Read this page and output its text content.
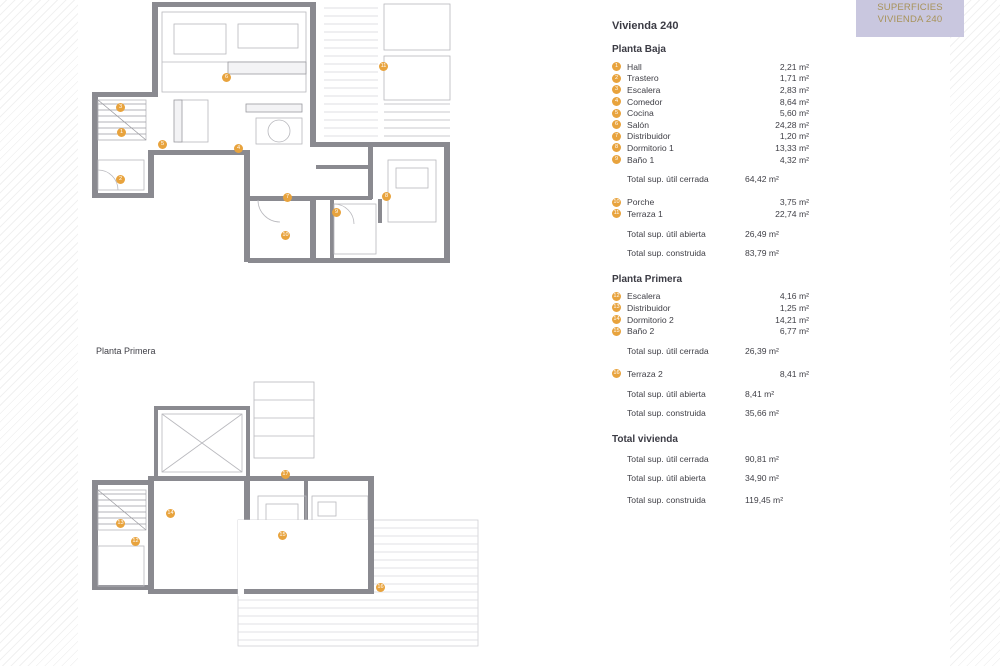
Planta Primera
1
2
3
4
5
6
7	8
9
10
11
12
13
14
15
16
17
SUPERFICIES
VIVIENDA 240
Vivienda 240
Planta Baja
1	Hall	2,21 m²
2	Trastero	1,71 m²
3	Escalera	2,83 m²
4	Comedor	8,64 m²
5	Cocina	5,60 m²
6	Salón	24,28 m²
7	Distribuidor	1,20 m²
8	Dormitorio 1	13,33 m²
9	Baño 1	4,32 m²
Total sup. útil cerrada	64,42 m²
10 Porche	3,75 m²
11 Terraza 1	22,74 m²
Total sup. útil abierta	26,49 m²
Total sup. construida	83,79 m²
Planta Primera
12 Escalera	4,16 m²
13 Distribuidor	1,25 m²
14 Dormitorio 2	14,21 m²
15 Baño 2	6,77 m²
Total sup. útil cerrada	26,39 m²
16 Terraza 2	8,41 m²
Total sup. útil abierta	8,41 m²
Total sup. construida	35,66 m²
Total vivienda
Total sup. útil cerrada	90,81 m²
Total sup. útil abierta	34,90 m²
Total sup. construida	119,45 m²
